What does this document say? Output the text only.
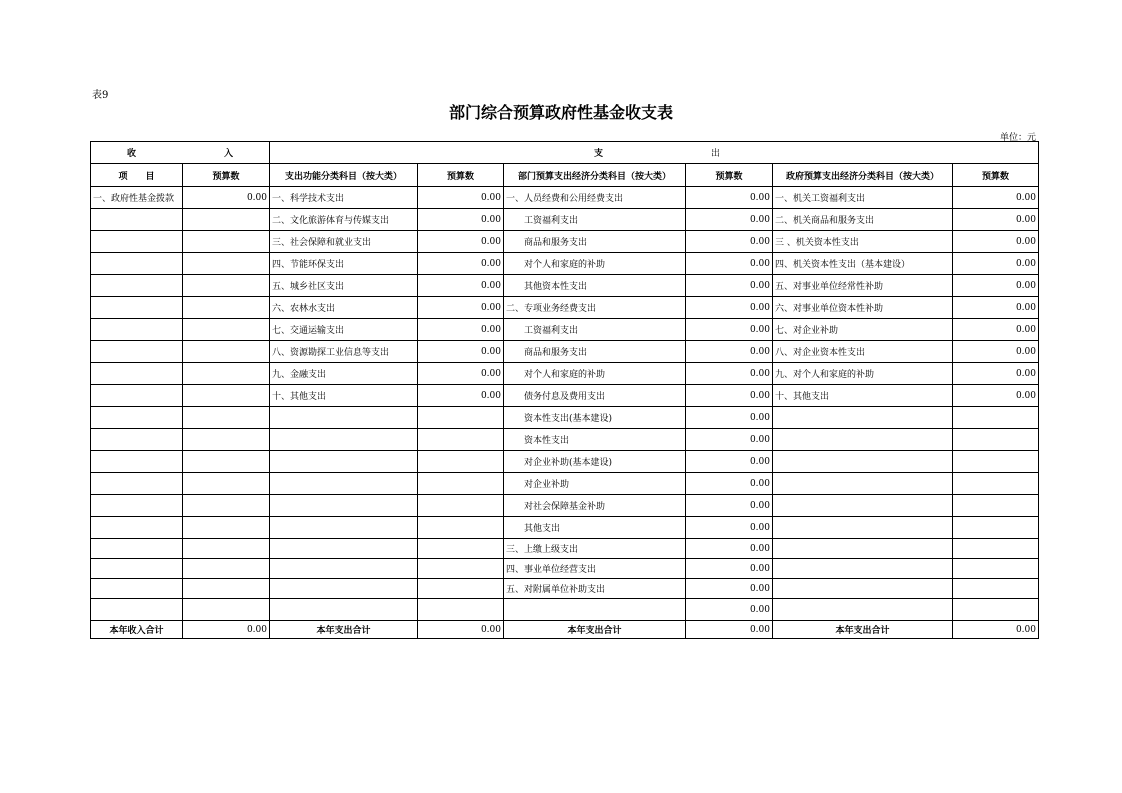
表9
部门综合预算政府性基金收支表
单位：元
收 入		支 出					

项　　目	预算数	支出功能分类科目（按大类）	预算数	部门预算支出经济分类科目（按大类）	预算数	政府预算支出经济分类科目（按大类）	预算数
一、政府性基金拨款	0.00	一、科学技术支出	0.00	一、人员经费和公用经费支出	0.00	一、机关工资福利支出	0.00
		二、文化旅游体育与传媒支出	0.00	工资福利支出	0.00	二、机关商品和服务支出	0.00
		三、社会保障和就业支出	0.00	商品和服务支出	0.00	三 、机关资本性支出	0.00
		四、节能环保支出	0.00	对个人和家庭的补助	0.00	四、机关资本性支出（基本建设）	0.00
		五、城乡社区支出	0.00	其他资本性支出	0.00	五、对事业单位经常性补助	0.00
		六、农林水支出	0.00	二、专项业务经费支出	0.00	六、对事业单位资本性补助	0.00
		七、交通运输支出	0.00	工资福利支出	0.00	七、对企业补助	0.00
		八、资源勘探工业信息等支出	0.00	商品和服务支出	0.00	八、对企业资本性支出	0.00
		九、金融支出	0.00	对个人和家庭的补助	0.00	九、对个人和家庭的补助	0.00
		十、其他支出	0.00	债务付息及费用支出	0.00	十、其他支出	0.00
				资本性支出(基本建设)	0.00		
				资本性支出	0.00		
				对企业补助(基本建设)	0.00		
				对企业补助	0.00		
				对社会保障基金补助	0.00		
				其他支出	0.00		
				三、上缴上级支出	0.00		
				四、事业单位经营支出	0.00		
				五、对附属单位补助支出	0.00		
					0.00		
本年收入合计	0.00	本年支出合计	0.00	本年支出合计	0.00	本年支出合计	0.00
